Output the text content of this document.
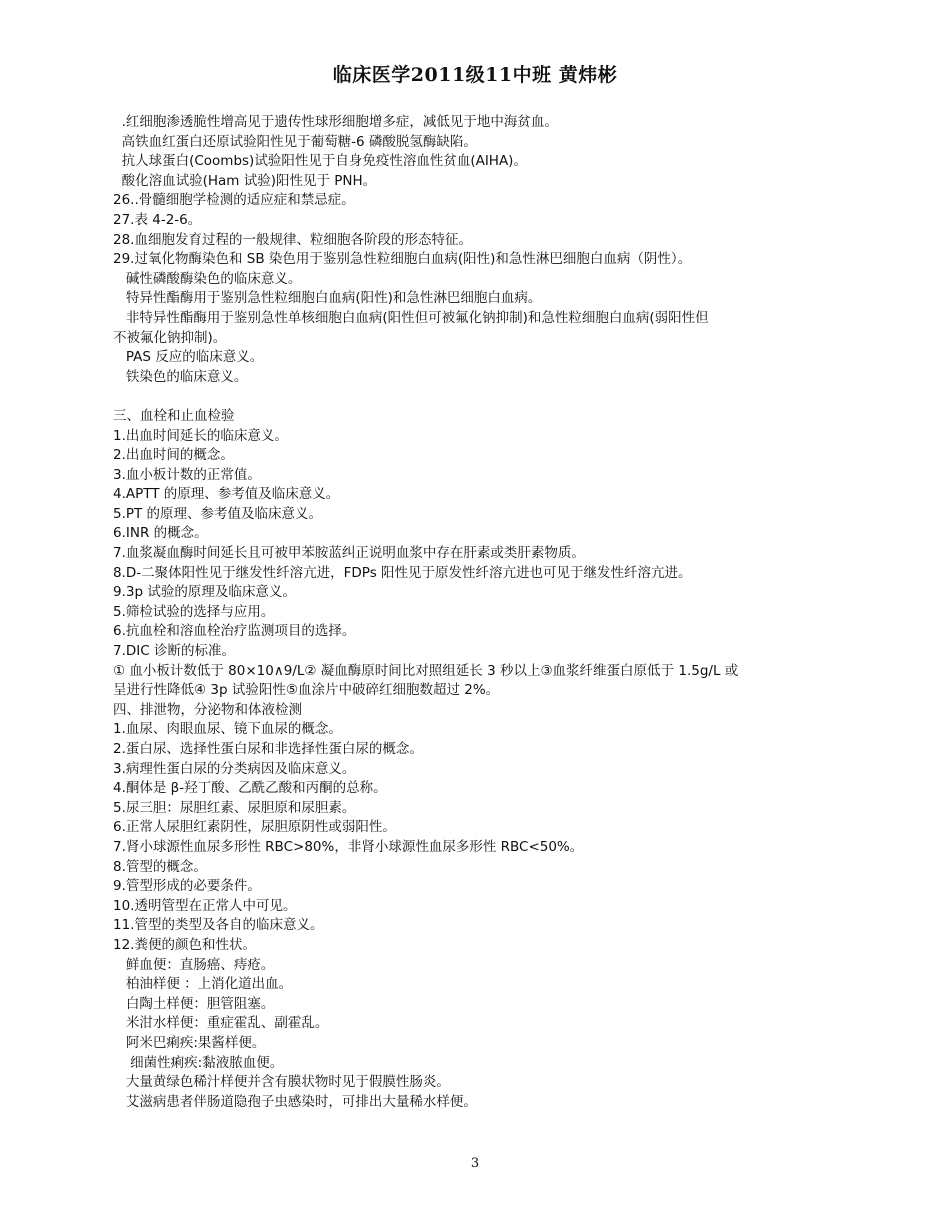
临床医学2011级11中班 黄炜彬
.红细胞渗透脆性增高见于遗传性球形细胞增多症，减低见于地中海贫血。
高铁血红蛋白还原试验阳性见于葡萄糖-6 磷酸脱氢酶缺陷。
抗人球蛋白(Coombs)试验阳性见于自身免疫性溶血性贫血(AIHA)。
酸化溶血试验(Ham 试验)阳性见于 PNH。
26..骨髓细胞学检测的适应症和禁忌症。
27.表 4-2-6。
28.血细胞发育过程的一般规律、粒细胞各阶段的形态特征。
29.过氧化物酶染色和 SB 染色用于鉴别急性粒细胞白血病(阳性)和急性淋巴细胞白血病（阴性）。
碱性磷酸酶染色的临床意义。
特异性酯酶用于鉴别急性粒细胞白血病(阳性)和急性淋巴细胞白血病。
非特异性酯酶用于鉴别急性单核细胞白血病(阳性但可被氟化钠抑制)和急性粒细胞白血病(弱阳性但
不被氟化钠抑制)。
PAS 反应的临床意义。
铁染色的临床意义。
三、血栓和止血检验
1.出血时间延长的临床意义。
2.出血时间的概念。
3.血小板计数的正常值。
4.APTT 的原理、参考值及临床意义。
5.PT 的原理、参考值及临床意义。
6.INR 的概念。
7.血浆凝血酶时间延长且可被甲苯胺蓝纠正说明血浆中存在肝素或类肝素物质。
8.D-二聚体阳性见于继发性纤溶亢进，FDPs 阳性见于原发性纤溶亢进也可见于继发性纤溶亢进。
9.3p 试验的原理及临床意义。
5.筛检试验的选择与应用。
6.抗血栓和溶血栓治疗监测项目的选择。
7.DIC 诊断的标准。
① 血小板计数低于 80×10∧9/L② 凝血酶原时间比对照组延长 3 秒以上③血浆纤维蛋白原低于 1.5g/L 或
呈进行性降低④ 3p 试验阳性⑤血涂片中破碎红细胞数超过 2%。
四、排泄物，分泌物和体液检测
1.血尿、肉眼血尿、镜下血尿的概念。
2.蛋白尿、选择性蛋白尿和非选择性蛋白尿的概念。
3.病理性蛋白尿的分类病因及临床意义。
4.酮体是 β-羟丁酸、乙酰乙酸和丙酮的总称。
5.尿三胆：尿胆红素、尿胆原和尿胆素。
6.正常人尿胆红素阴性，尿胆原阴性或弱阳性。
7.肾小球源性血尿多形性 RBC>80%，非肾小球源性血尿多形性 RBC<50%。
8.管型的概念。
9.管型形成的必要条件。
10.透明管型在正常人中可见。
11.管型的类型及各自的临床意义。
12.粪便的颜色和性状。
鲜血便：直肠癌、痔疮。
柏油样便 ：上消化道出血。
白陶土样便：胆管阻塞。
米泔水样便：重症霍乱、副霍乱。
阿米巴痢疾:果酱样便。
细菌性痢疾:黏液脓血便。
大量黄绿色稀汁样便并含有膜状物时见于假膜性肠炎。
艾滋病患者伴肠道隐孢子虫感染时，可排出大量稀水样便。
3
